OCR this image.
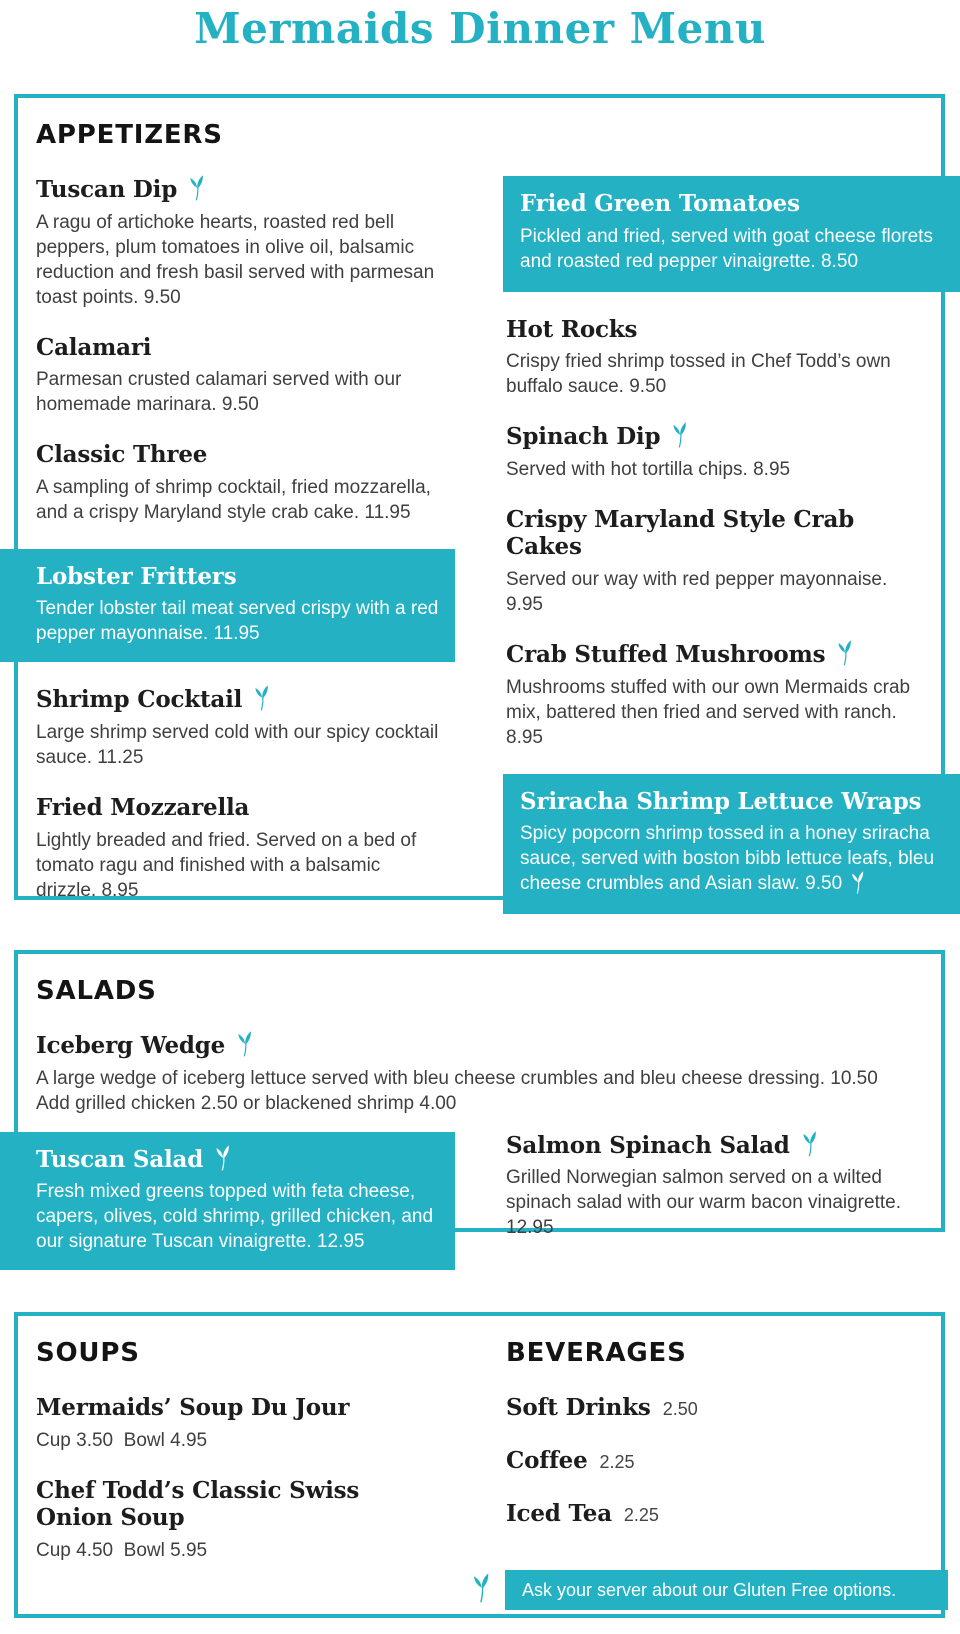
Mermaids Dinner Menu
APPETIZERS
Tuscan Dip

A ragu of artichoke hearts, roasted red bell peppers, plum tomatoes in olive oil, balsamic reduction and fresh basil served with parmesan toast points. 9.50

Calamari

Parmesan crusted calamari served with our homemade marinara. 9.50

Classic Three

A sampling of shrimp cocktail, fried mozzarella, and a crispy Maryland style crab cake. 11.95

Lobster Fritters

Tender lobster tail meat served crispy with a red pepper mayonnaise. 11.95

Shrimp Cocktail

Large shrimp served cold with our spicy cocktail sauce. 11.25

Fried Mozzarella

Lightly breaded and fried. Served on a bed of tomato ragu and finished with a balsamic drizzle. 8.95

Fried Green Tomatoes

Pickled and fried, served with goat cheese florets and roasted red pepper vinaigrette. 8.50

Hot Rocks

Crispy fried shrimp tossed in Chef Todd’s own buffalo sauce. 9.50

Spinach Dip

Served with hot tortilla chips. 8.95

Crispy Maryland Style Crab Cakes

Served our way with red pepper mayonnaise. 9.95

Crab Stuffed Mushrooms

Mushrooms stuffed with our own Mermaids crab mix, battered then fried and served with ranch. 8.95

Sriracha Shrimp Lettuce Wraps

Spicy popcorn shrimp tossed in a honey sriracha sauce, served with boston bibb lettuce leafs, bleu cheese crumbles and Asian slaw. 9.50

SALADS
Iceberg Wedge

A large wedge of iceberg lettuce served with bleu cheese crumbles and bleu cheese dressing. 10.50

Add grilled chicken 2.50 or blackened shrimp 4.00

Tuscan Salad

Fresh mixed greens topped with feta cheese, capers, olives, cold shrimp, grilled chicken, and our signature Tuscan vinaigrette. 12.95

Salmon Spinach Salad

Grilled Norwegian salmon served on a wilted spinach salad with our warm bacon vinaigrette. 12.95

SOUPS
Mermaids’ Soup Du Jour

Cup 3.50  Bowl 4.95

Chef Todd’s Classic Swiss Onion Soup

Cup 4.50  Bowl 5.95

BEVERAGES
Soft Drinks 2.50
Coffee 2.25
Iced Tea 2.25
Ask your server about our Gluten Free options.
